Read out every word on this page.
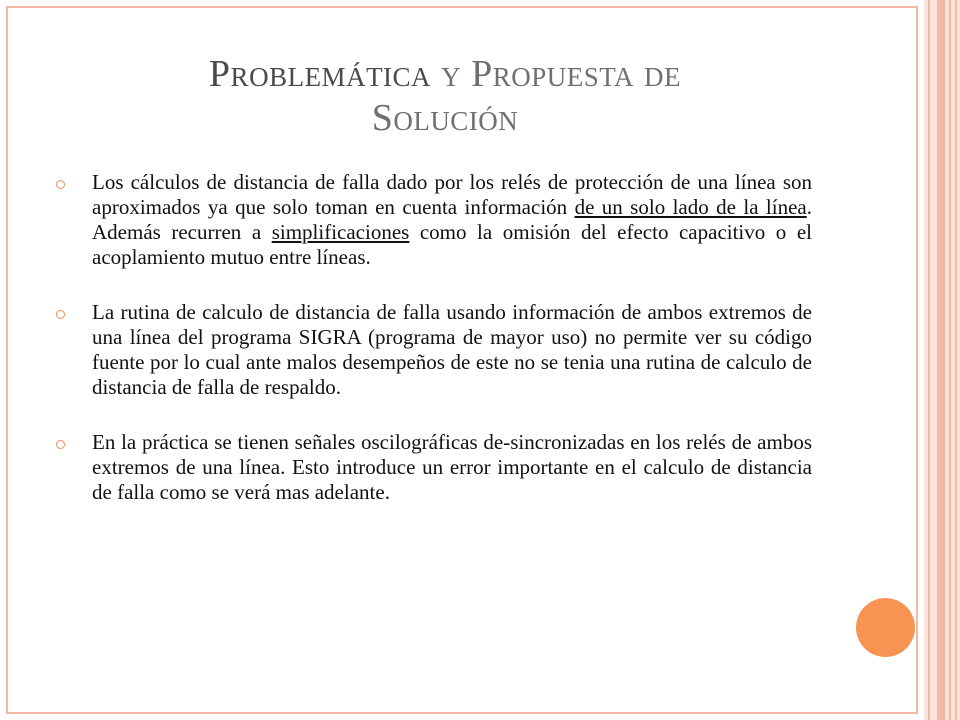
Problemática y Propuesta de
Solución
Los cálculos de distancia de falla dado por los relés de protección de una línea son aproximados ya que solo toman en cuenta información de un solo lado de la línea. Además recurren a simplificaciones como la omisión del efecto capacitivo o el acoplamiento mutuo entre líneas.
La rutina de calculo de distancia de falla usando información de ambos extremos de una línea del programa SIGRA (programa de mayor uso) no permite ver su código fuente por lo cual ante malos desempeños de este no se tenia una rutina de calculo de distancia de falla de respaldo.
En la práctica se tienen señales oscilográficas de-sincronizadas en los relés de ambos extremos de una línea. Esto introduce un error importante en el calculo de distancia de falla como se verá mas adelante.
